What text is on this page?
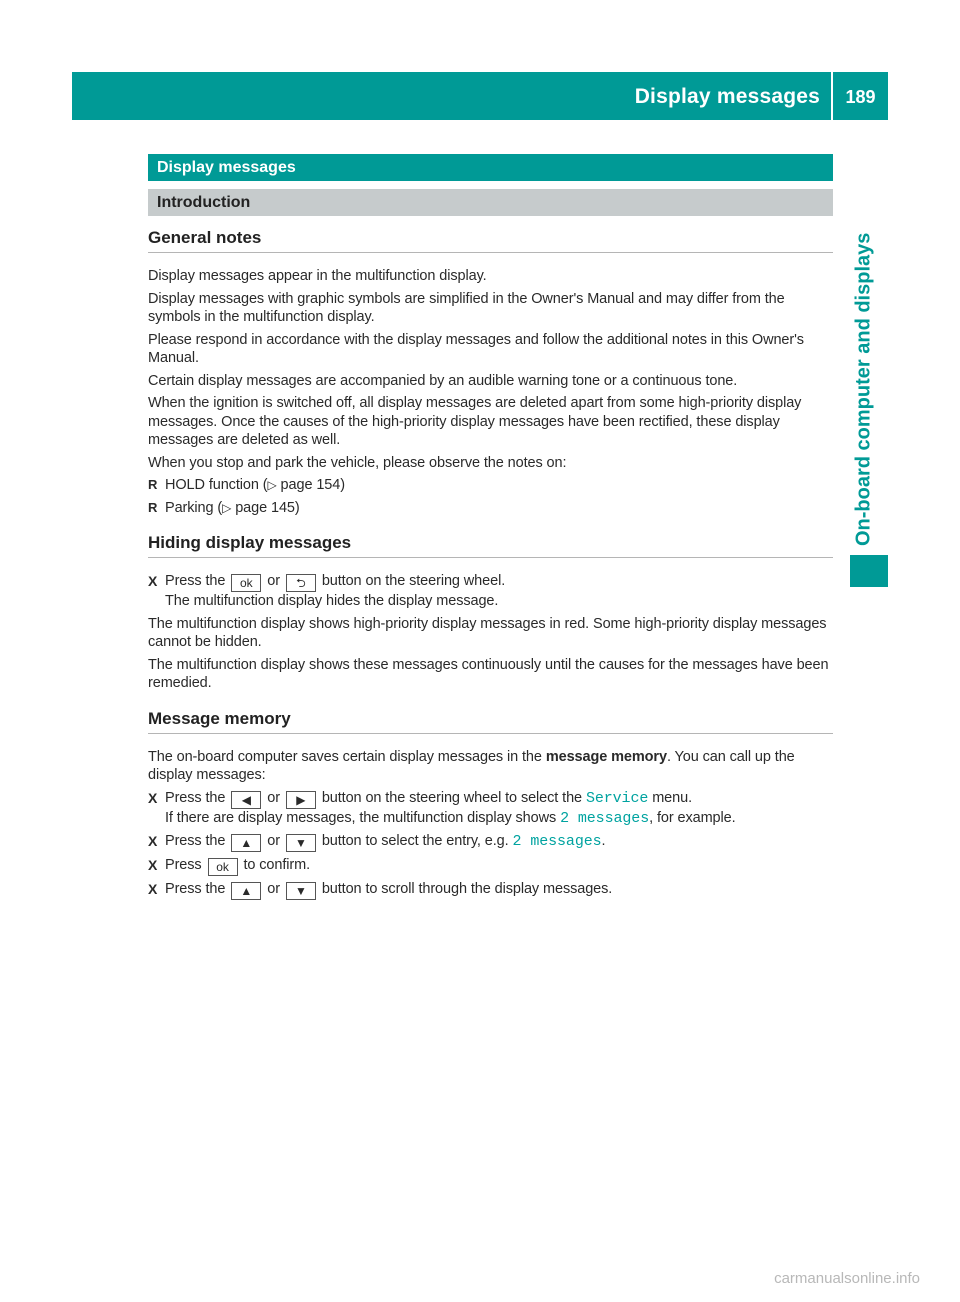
Display messages	189
On-board computer and displays
Display messages
Introduction
General notes
Display messages appear in the multifunction display.
Display messages with graphic symbols are simplified in the Owner's Manual and may differ from the symbols in the multifunction display.
Please respond in accordance with the display messages and follow the additional notes in this Owner's Manual.
Certain display messages are accompanied by an audible warning tone or a continuous tone.
When the ignition is switched off, all display messages are deleted apart from some high-priority display messages. Once the causes of the high-priority display messages have been rectified, these display messages are deleted as well.
When you stop and park the vehicle, please observe the notes on:
R HOLD function (▷ page 154)
R Parking (▷ page 145)
Hiding display messages
X Press the ok or ⮌ button on the steering wheel.
The multifunction display hides the display message.
The multifunction display shows high-priority display messages in red. Some high-priority display messages cannot be hidden.
The multifunction display shows these messages continuously until the causes for the messages have been remedied.
Message memory
The on-board computer saves certain display messages in the message memory. You can call up the display messages:
X Press the ◀ or ▶ button on the steering wheel to select the Service menu.
If there are display messages, the multifunction display shows 2 messages, for example.
X Press the ▲ or ▼ button to select the entry, e.g. 2 messages.
X Press ok to confirm.
X Press the ▲ or ▼ button to scroll through the display messages.
carmanualsonline.info
